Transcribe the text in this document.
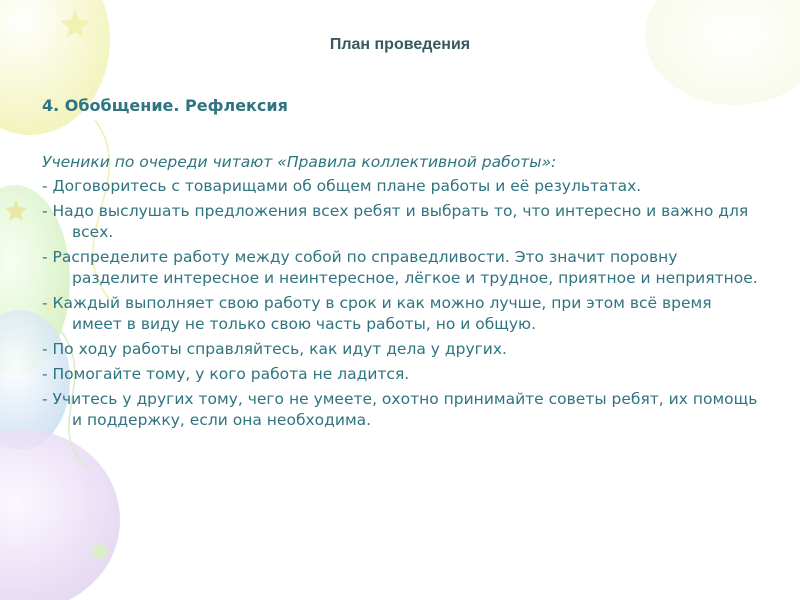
План проведения
4. Обобщение. Рефлексия
Ученики по очереди читают «Правила коллективной работы»:
- Договоритесь с товарищами об общем плане работы и её результатах.
- Надо выслушать предложения всех ребят и выбрать то, что интересно и важно для всех.
- Распределите работу между собой по справедливости. Это значит поровну разделите интересное и неинтересное, лёгкое и трудное, приятное и неприятное.
- Каждый выполняет свою работу в срок и как можно лучше, при этом всё время имеет в виду не только свою часть работы, но и общую.
- По ходу работы справляйтесь, как идут дела у других.
- Помогайте тому, у кого работа не ладится.
- Учитесь у других тому, чего не умеете, охотно принимайте советы ребят, их помощь и поддержку, если она необходима.
